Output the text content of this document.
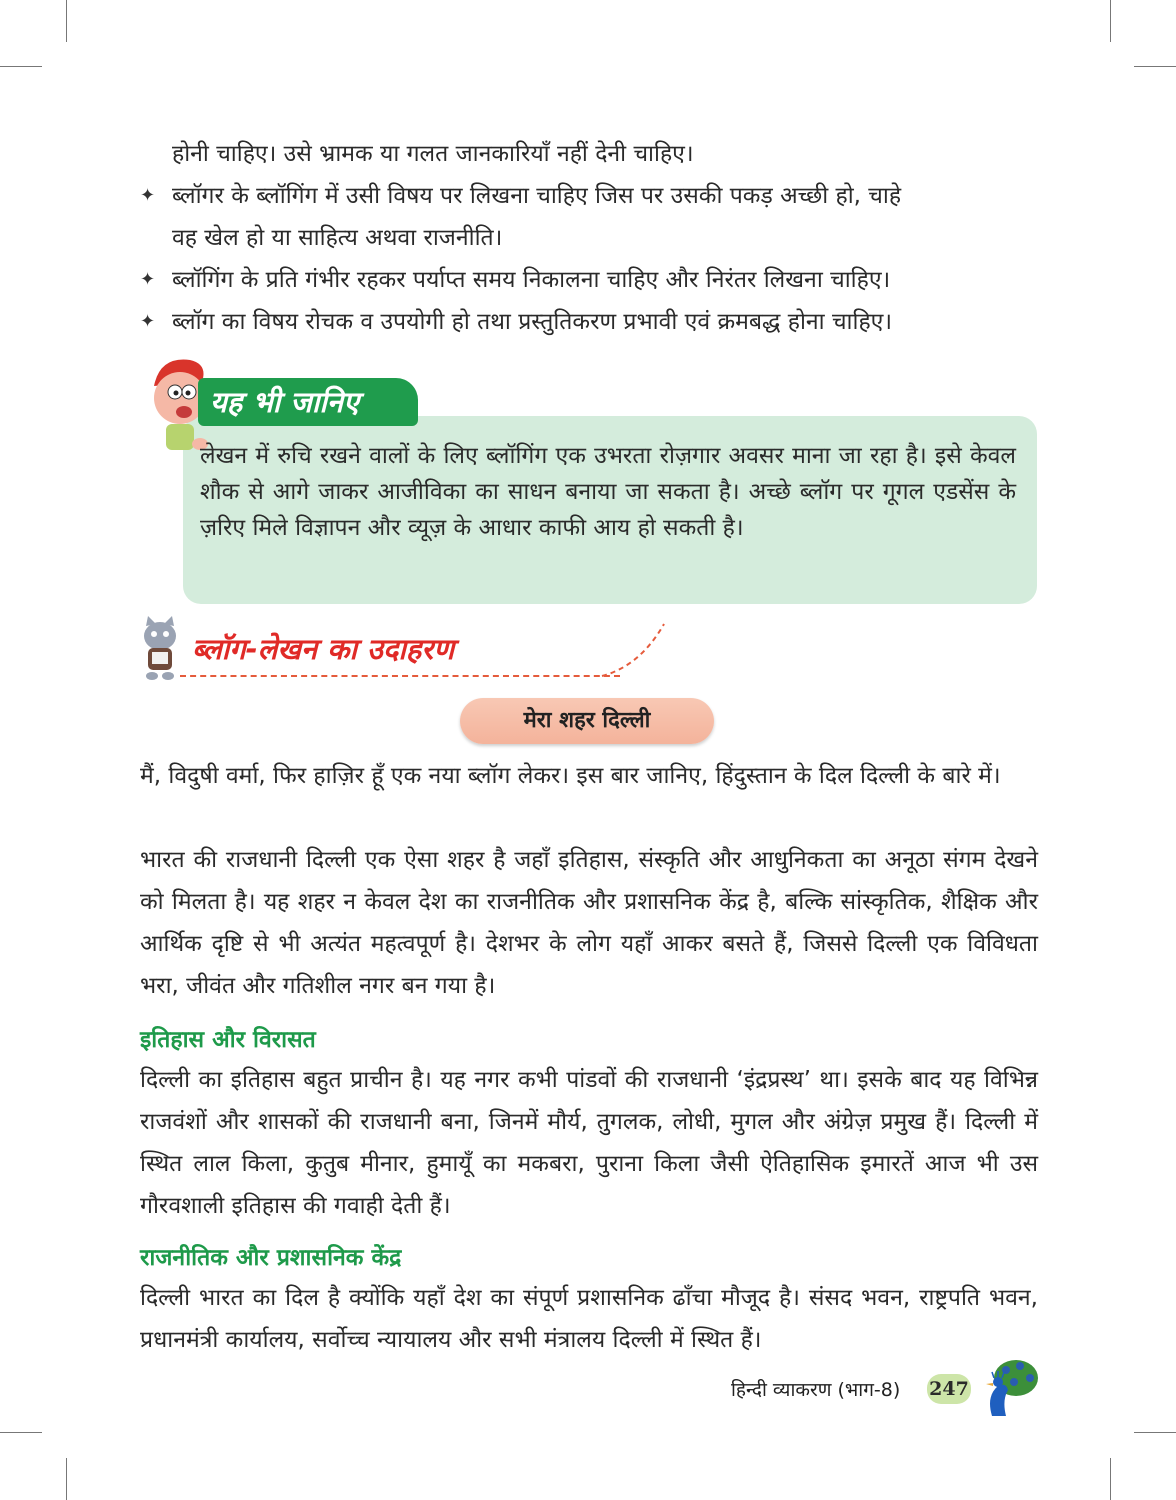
होनी चाहिए। उसे भ्रामक या गलत जानकारियाँ नहीं देनी चाहिए।
✦ ब्लॉगर के ब्लॉगिंग में उसी विषय पर लिखना चाहिए जिस पर उसकी पकड़ अच्छी हो, चाहे
वह खेल हो या साहित्य अथवा राजनीति।
✦ ब्लॉगिंग के प्रति गंभीर रहकर पर्याप्त समय निकालना चाहिए और निरंतर लिखना चाहिए।
✦ ब्लॉग का विषय रोचक व उपयोगी हो तथा प्रस्तुतिकरण प्रभावी एवं क्रमबद्ध होना चाहिए।
यह भी जानिए
लेखन में रुचि रखने वालों के लिए ब्लॉगिंग एक उभरता रोज़गार अवसर माना जा रहा है। इसे केवल शौक से आगे जाकर आजीविका का साधन बनाया जा सकता है। अच्छे ब्लॉग पर गूगल एडसेंस के ज़रिए मिले विज्ञापन और व्यूज़ के आधार काफी आय हो सकती है।
ब्लॉग-लेखन का उदाहरण
मेरा शहर दिल्ली
मैं, विदुषी वर्मा, फिर हाज़िर हूँ एक नया ब्लॉग लेकर। इस बार जानिए, हिंदुस्तान के दिल दिल्ली के बारे में।
भारत की राजधानी दिल्ली एक ऐसा शहर है जहाँ इतिहास, संस्कृति और आधुनिकता का अनूठा संगम देखने को मिलता है। यह शहर न केवल देश का राजनीतिक और प्रशासनिक केंद्र है, बल्कि सांस्कृतिक, शैक्षिक और आर्थिक दृष्टि से भी अत्यंत महत्वपूर्ण है। देशभर के लोग यहाँ आकर बसते हैं, जिससे दिल्ली एक विविधता भरा, जीवंत और गतिशील नगर बन गया है।
इतिहास और विरासत
दिल्ली का इतिहास बहुत प्राचीन है। यह नगर कभी पांडवों की राजधानी ‘इंद्रप्रस्थ’ था। इसके बाद यह विभिन्न राजवंशों और शासकों की राजधानी बना, जिनमें मौर्य, तुगलक, लोधी, मुगल और अंग्रेज़ प्रमुख हैं। दिल्ली में स्थित लाल किला, कुतुब मीनार, हुमायूँ का मकबरा, पुराना किला जैसी ऐतिहासिक इमारतें आज भी उस गौरवशाली इतिहास की गवाही देती हैं।
राजनीतिक और प्रशासनिक केंद्र
दिल्ली भारत का दिल है क्योंकि यहाँ देश का संपूर्ण प्रशासनिक ढाँचा मौजूद है। संसद भवन, राष्ट्रपति भवन, प्रधानमंत्री कार्यालय, सर्वोच्च न्यायालय और सभी मंत्रालय दिल्ली में स्थित हैं।
हिन्दी व्याकरण (भाग-8) 247
